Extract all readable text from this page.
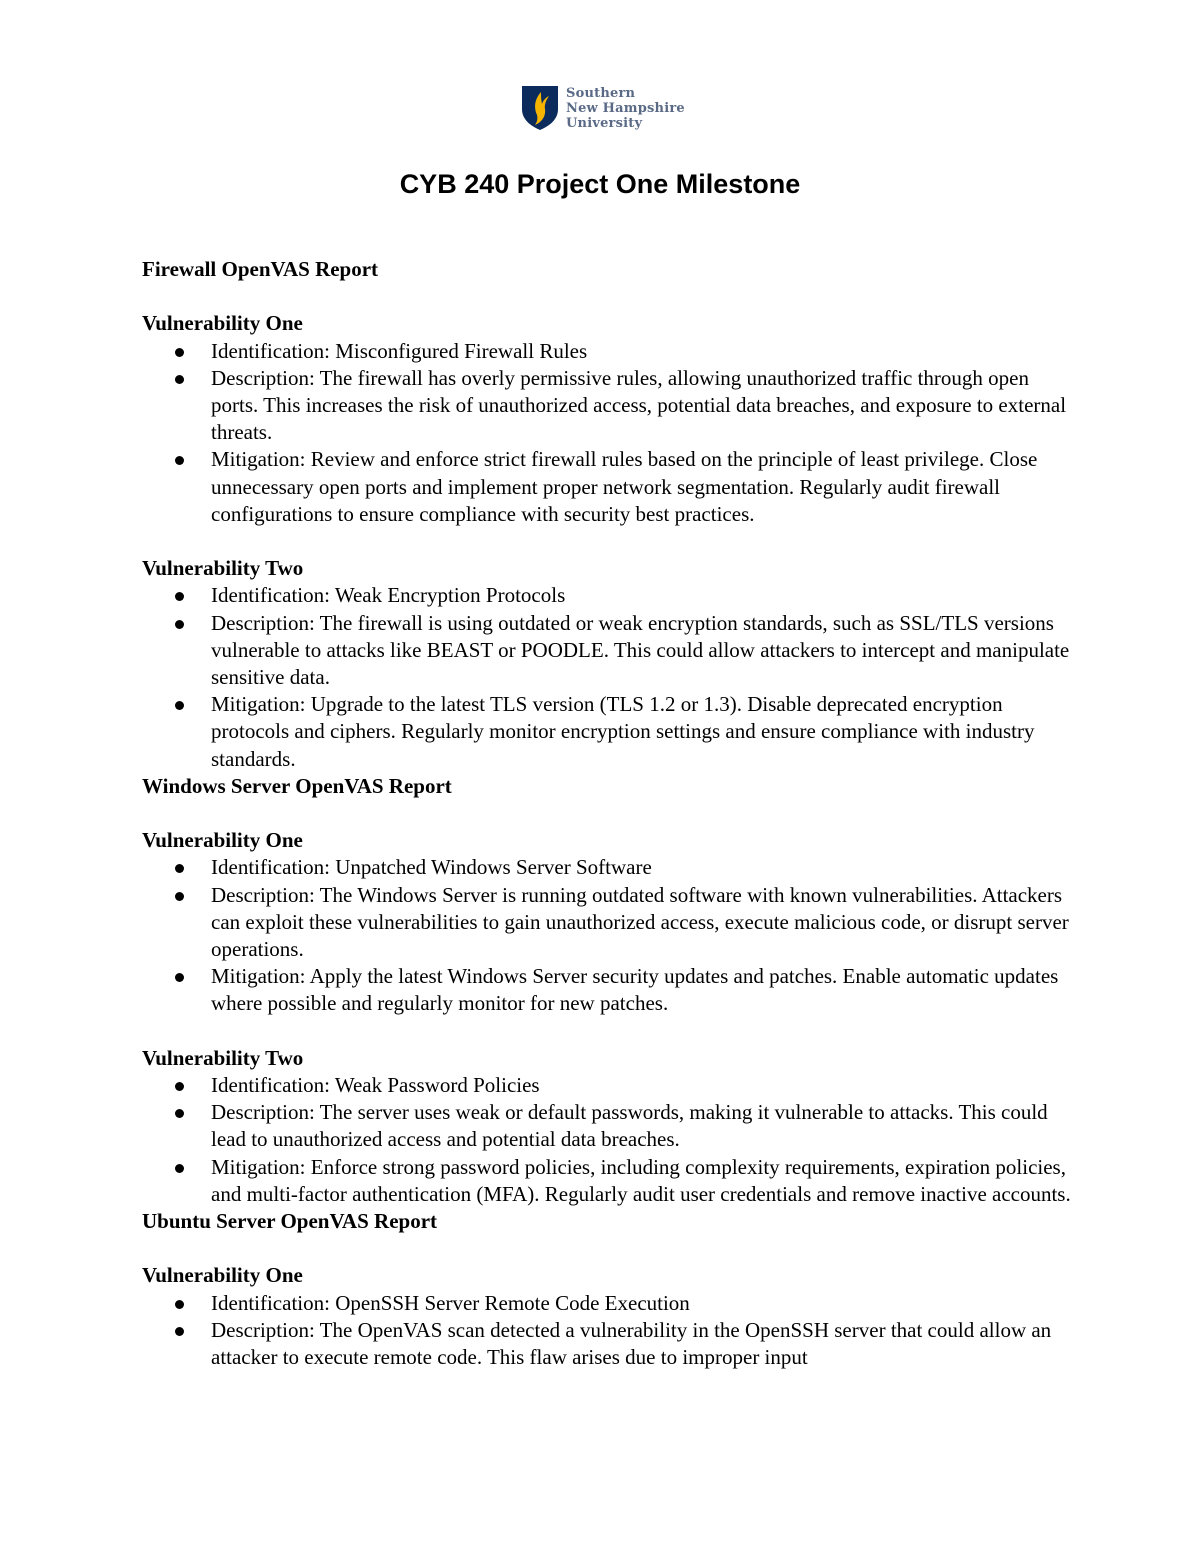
Southern
New Hampshire
University
CYB 240 Project One Milestone
Firewall OpenVAS Report
Vulnerability One
Identification: Misconfigured Firewall Rules
Description: The firewall has overly permissive rules, allowing unauthorized traffic through open ports. This increases the risk of unauthorized access, potential data breaches, and exposure to external threats.
Mitigation: Review and enforce strict firewall rules based on the principle of least privilege. Close unnecessary open ports and implement proper network segmentation. Regularly audit firewall configurations to ensure compliance with security best practices.
Vulnerability Two
Identification: Weak Encryption Protocols
Description: The firewall is using outdated or weak encryption standards, such as SSL/TLS versions vulnerable to attacks like BEAST or POODLE. This could allow attackers to intercept and manipulate sensitive data.
Mitigation: Upgrade to the latest TLS version (TLS 1.2 or 1.3). Disable deprecated encryption protocols and ciphers. Regularly monitor encryption settings and ensure compliance with industry standards.
Windows Server OpenVAS Report
Vulnerability One
Identification: Unpatched Windows Server Software
Description: The Windows Server is running outdated software with known vulnerabilities. Attackers can exploit these vulnerabilities to gain unauthorized access, execute malicious code, or disrupt server operations.
Mitigation: Apply the latest Windows Server security updates and patches. Enable automatic updates where possible and regularly monitor for new patches.
Vulnerability Two
Identification: Weak Password Policies
Description: The server uses weak or default passwords, making it vulnerable to attacks. This could lead to unauthorized access and potential data breaches.
Mitigation: Enforce strong password policies, including complexity requirements, expiration policies, and multi-factor authentication (MFA). Regularly audit user credentials and remove inactive accounts.
Ubuntu Server OpenVAS Report
Vulnerability One
Identification: OpenSSH Server Remote Code Execution
Description: The OpenVAS scan detected a vulnerability in the OpenSSH server that could allow an attacker to execute remote code. This flaw arises due to improper input
